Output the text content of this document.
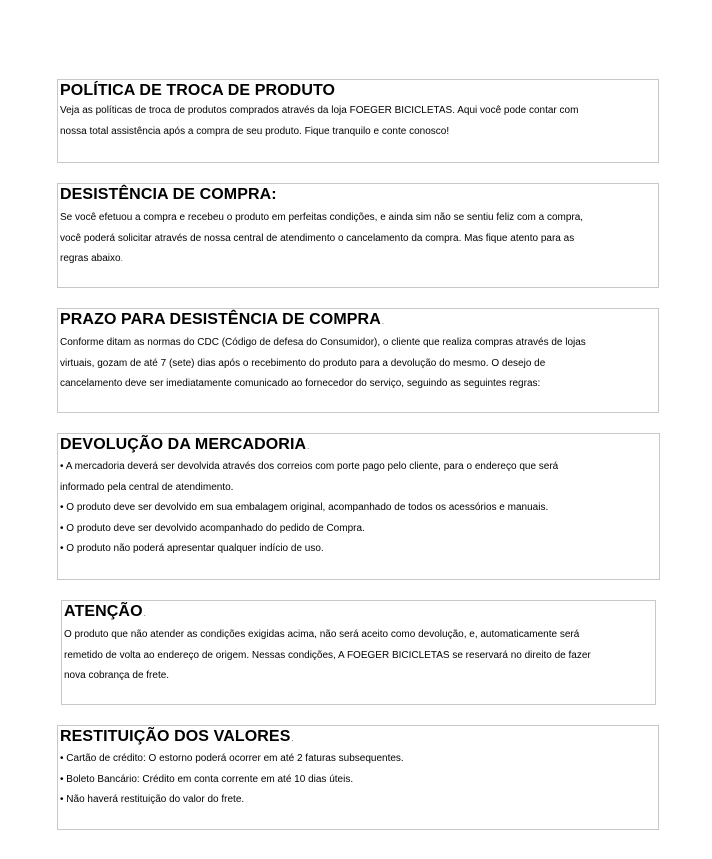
POLÍTICA DE TROCA DE PRODUTO

Veja as políticas de troca de produtos comprados através da loja FOEGER BICICLETAS. Aqui você pode contar com

nossa total assistência após a compra de seu produto. Fique tranquilo e conte conosco!

DESISTÊNCIA DE COMPRA:

Se você efetuou a compra e recebeu o produto em perfeitas condições, e ainda sim não se sentiu feliz com a compra,

você poderá solicitar através de nossa central de atendimento o cancelamento da compra. Mas fique atento para as

regras abaixo.

PRAZO PARA DESISTÊNCIA DE COMPRA.

Conforme ditam as normas do CDC (Código de defesa do Consumidor), o cliente que realiza compras através de lojas

virtuais, gozam de até 7 (sete) dias após o recebimento do produto para a devolução do mesmo. O desejo de

cancelamento deve ser imediatamente comunicado ao fornecedor do serviço, seguindo as seguintes regras:

DEVOLUÇÃO DA MERCADORIA.

• A mercadoria deverá ser devolvida através dos correios com porte pago pelo cliente, para o endereço que será

informado pela central de atendimento.

• O produto deve ser devolvido em sua embalagem original, acompanhado de todos os acessórios e manuais.

• O produto deve ser devolvido acompanhado do pedido de Compra.

• O produto não poderá apresentar qualquer indício de uso.

ATENÇÃO.

O produto que não atender as condições exigidas acima, não será aceito como devolução, e, automaticamente será

remetido de volta ao endereço de origem. Nessas condições, A FOEGER BICICLETAS se reservará no direito de fazer

nova cobrança de frete.

RESTITUIÇÃO DOS VALORES.

• Cartão de crédito: O estorno poderá ocorrer em até 2 faturas subsequentes.

• Boleto Bancário: Crédito em conta corrente em até 10 dias úteis.

• Não haverá restituição do valor do frete.
